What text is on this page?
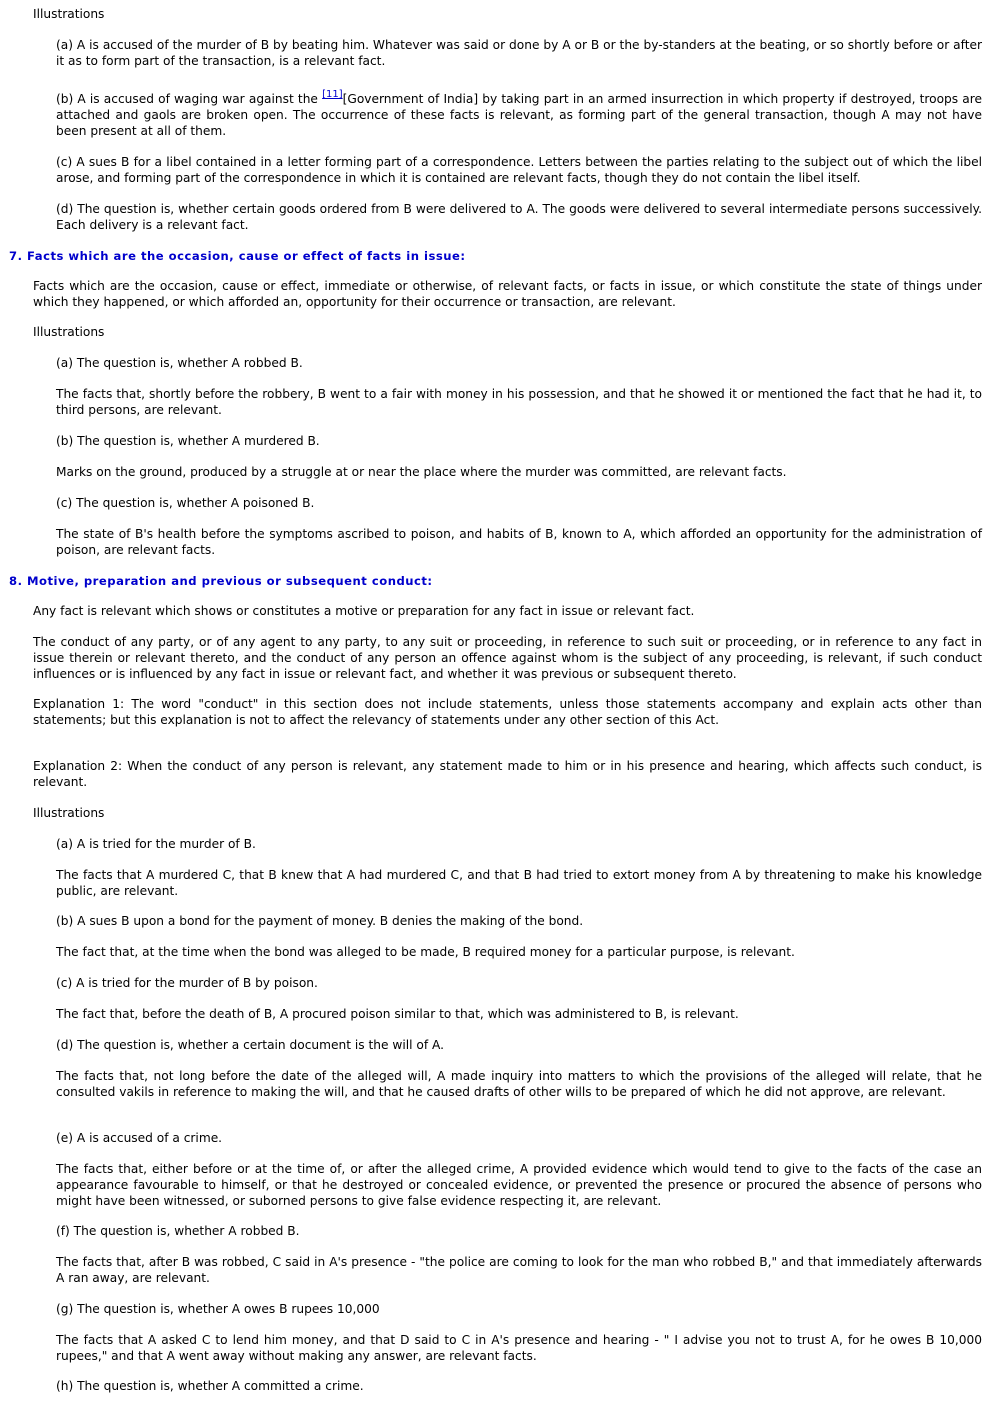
Illustrations

(a) A is accused of the murder of B by beating him. Whatever was said or done by A or B or the by-standers at the beating, or so shortly before or after it as to form part of the transaction, is a relevant fact.

(b) A is accused of waging war against the [11][Government of India] by taking part in an armed insurrection in which property if destroyed, troops are attached and gaols are broken open. The occurrence of these facts is relevant, as forming part of the general transaction, though A may not have been present at all of them.

(c) A sues B for a libel contained in a letter forming part of a correspondence. Letters between the parties relating to the subject out of which the libel arose, and forming part of the correspondence in which it is contained are relevant facts, though they do not contain the libel itself.

(d) The question is, whether certain goods ordered from B were delivered to A. The goods were delivered to several intermediate persons successively. Each delivery is a relevant fact.

7. Facts which are the occasion, cause or effect of facts in issue:

Facts which are the occasion, cause or effect, immediate or otherwise, of relevant facts, or facts in issue, or which constitute the state of things under which they happened, or which afforded an, opportunity for their occurrence or transaction, are relevant.

Illustrations

(a) The question is, whether A robbed B.

The facts that, shortly before the robbery, B went to a fair with money in his possession, and that he showed it or mentioned the fact that he had it, to third persons, are relevant.

(b) The question is, whether A murdered B.

Marks on the ground, produced by a struggle at or near the place where the murder was committed, are relevant facts.

(c) The question is, whether A poisoned B.

The state of B's health before the symptoms ascribed to poison, and habits of B, known to A, which afforded an opportunity for the administration of poison, are relevant facts.

8. Motive, preparation and previous or subsequent conduct:

Any fact is relevant which shows or constitutes a motive or preparation for any fact in issue or relevant fact.

The conduct of any party, or of any agent to any party, to any suit or proceeding, in reference to such suit or proceeding, or in reference to any fact in issue therein or relevant thereto, and the conduct of any person an offence against whom is the subject of any proceeding, is relevant, if such conduct influences or is influenced by any fact in issue or relevant fact, and whether it was previous or subsequent thereto.

Explanation 1: The word "conduct" in this section does not include statements, unless those statements accompany and explain acts other than statements; but this explanation is not to affect the relevancy of statements under any other section of this Act.

Explanation 2: When the conduct of any person is relevant, any statement made to him or in his presence and hearing, which affects such conduct, is relevant.

Illustrations

(a) A is tried for the murder of B.

The facts that A murdered C, that B knew that A had murdered C, and that B had tried to extort money from A by threatening to make his knowledge public, are relevant.

(b) A sues B upon a bond for the payment of money. B denies the making of the bond.

The fact that, at the time when the bond was alleged to be made, B required money for a particular purpose, is relevant.

(c) A is tried for the murder of B by poison.

The fact that, before the death of B, A procured poison similar to that, which was administered to B, is relevant.

(d) The question is, whether a certain document is the will of A.

The facts that, not long before the date of the alleged will, A made inquiry into matters to which the provisions of the alleged will relate, that he consulted vakils in reference to making the will, and that he caused drafts of other wills to be prepared of which he did not approve, are relevant.

(e) A is accused of a crime.

The facts that, either before or at the time of, or after the alleged crime, A provided evidence which would tend to give to the facts of the case an appearance favourable to himself, or that he destroyed or concealed evidence, or prevented the presence or procured the absence of persons who might have been witnessed, or suborned persons to give false evidence respecting it, are relevant.

(f) The question is, whether A robbed B.

The facts that, after B was robbed, C said in A's presence - "the police are coming to look for the man who robbed B," and that immediately afterwards A ran away, are relevant.

(g) The question is, whether A owes B rupees 10,000

The facts that A asked C to lend him money, and that D said to C in A's presence and hearing - " I advise you not to trust A, for he owes B 10,000 rupees," and that A went away without making any answer, are relevant facts.

(h) The question is, whether A committed a crime.
